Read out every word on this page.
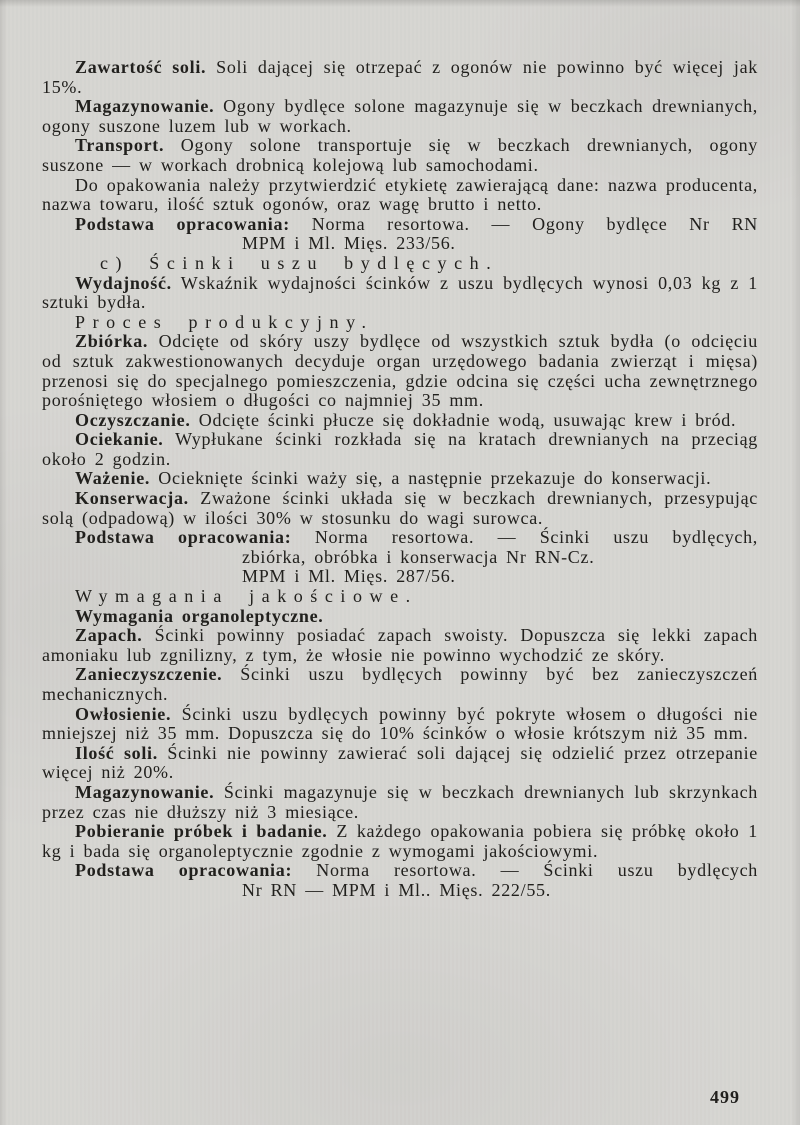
Zawartość soli. Soli dającej się otrzepać z ogonów nie powinno być więcej jak 15%.

Magazynowanie. Ogony bydlęce solone magazynuje się w beczkach drewnianych, ogony suszone luzem lub w workach.

Transport. Ogony solone transportuje się w beczkach drewnianych, ogony suszone — w workach drobnicą kolejową lub samochodami.

Do opakowania należy przytwierdzić etykietę zawierającą dane: nazwa producenta, nazwa towaru, ilość sztuk ogonów, oraz wagę brutto i netto.

Podstawa opracowania: Norma resortowa. — Ogony bydlęce Nr RN
MPM i Ml. Mięs. 233/56.

c) Ścinki uszu bydlęcych.

Wydajność. Wskaźnik wydajności ścinków z uszu bydlęcych wynosi 0,03 kg z 1 sztuki bydła.

Proces produkcyjny.

Zbiórka. Odcięte od skóry uszy bydlęce od wszystkich sztuk bydła (o odcięciu od sztuk zakwestionowanych decyduje organ urzędowego badania zwierząt i mięsa) przenosi się do specjalnego pomieszczenia, gdzie odcina się części ucha zewnętrznego porośniętego włosiem o długości co najmniej 35 mm.

Oczyszczanie. Odcięte ścinki płucze się dokładnie wodą, usuwając krew i bród.

Ociekanie. Wypłukane ścinki rozkłada się na kratach drewnianych na przeciąg około 2 godzin.

Ważenie. Ocieknięte ścinki waży się, a następnie przekazuje do konserwacji.

Konserwacja. Zważone ścinki układa się w beczkach drewnianych, przesypując solą (odpadową) w ilości 30% w stosunku do wagi surowca.

Podstawa opracowania: Norma resortowa. — Ścinki uszu bydlęcych,
zbiórka, obróbka i konserwacja Nr RN-Cz.
MPM i Ml. Mięs. 287/56.

Wymagania jakościowe.

Wymagania organoleptyczne.

Zapach. Ścinki powinny posiadać zapach swoisty. Dopuszcza się lekki zapach amoniaku lub zgnilizny, z tym, że włosie nie powinno wychodzić ze skóry.

Zanieczyszczenie. Ścinki uszu bydlęcych powinny być bez zanieczyszczeń mechanicznych.

Owłosienie. Ścinki uszu bydlęcych powinny być pokryte włosem o długości nie mniejszej niż 35 mm. Dopuszcza się do 10% ścinków o włosie krótszym niż 35 mm.

Ilość soli. Ścinki nie powinny zawierać soli dającej się odzielić przez otrzepanie więcej niż 20%.

Magazynowanie. Ścinki magazynuje się w beczkach drewnianych lub skrzynkach przez czas nie dłuższy niż 3 miesiące.

Pobieranie próbek i badanie. Z każdego opakowania pobiera się próbkę około 1 kg i bada się organoleptycznie zgodnie z wymogami jakościowymi.

Podstawa opracowania: Norma resortowa. — Ścinki uszu bydlęcych
Nr RN — MPM i Ml.. Mięs. 222/55.
499
